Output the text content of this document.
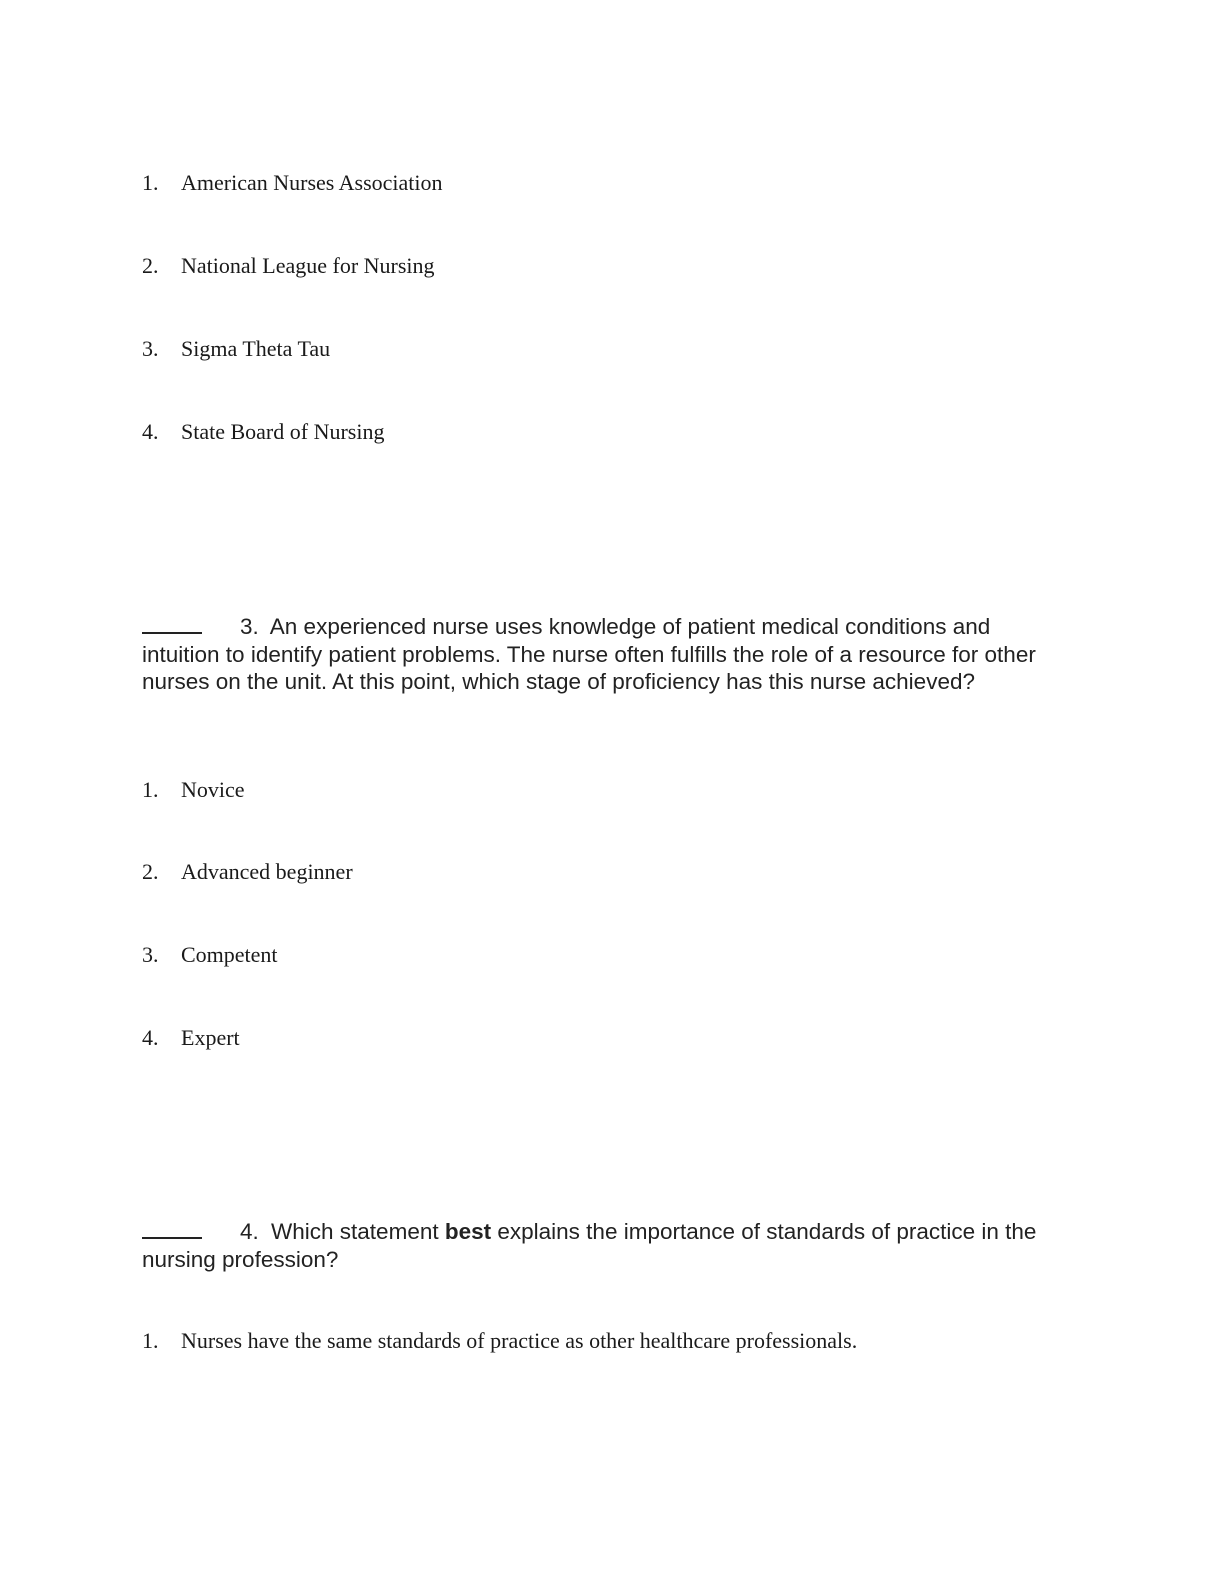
1. American Nurses Association
2. National League for Nursing
3. Sigma Theta Tau
4. State Board of Nursing
3. An experienced nurse uses knowledge of patient medical conditions and intuition to identify patient problems. The nurse often fulfills the role of a resource for other nurses on the unit. At this point, which stage of proficiency has this nurse achieved?
1. Novice
2. Advanced beginner
3. Competent
4. Expert
4. Which statement best explains the importance of standards of practice in the nursing profession?
1. Nurses have the same standards of practice as other healthcare professionals.
